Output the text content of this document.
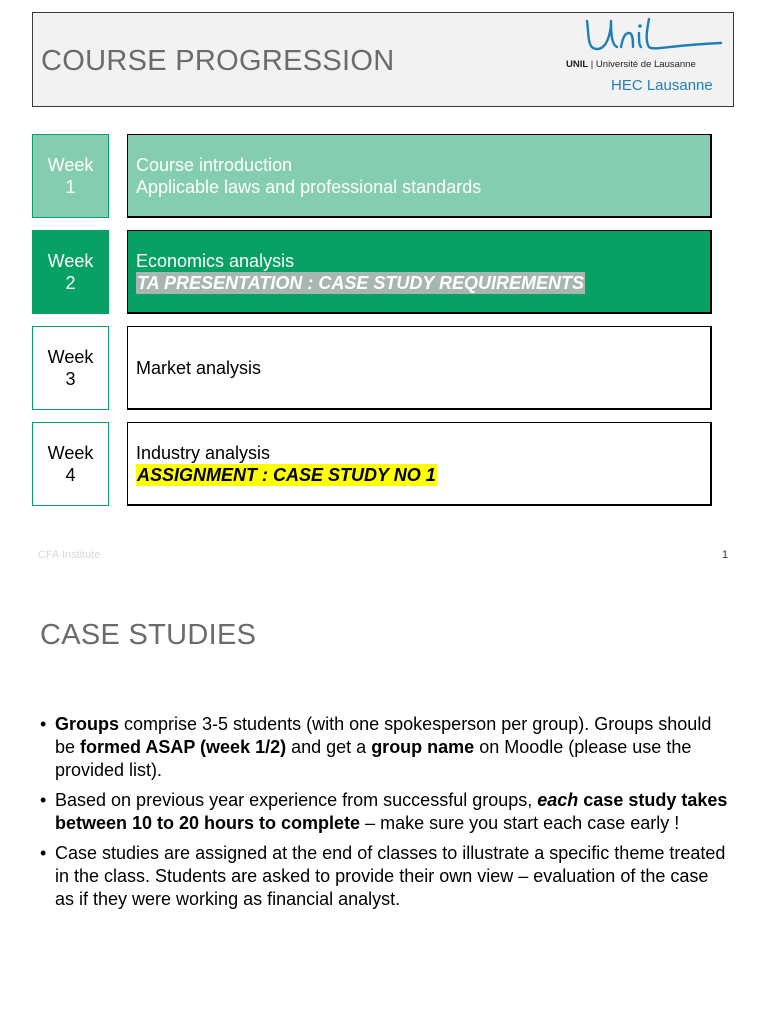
COURSE PROGRESSION	UNIL | Université de Lausanne
HEC Lausanne
Week
1
Course introduction
Applicable laws and professional standards
Week
2
Economics analysis
TA PRESENTATION : CASE STUDY REQUIREMENTS
Week
3
Market analysis
Week
4
Industry analysis
ASSIGNMENT : CASE STUDY NO 1
CFA Institute	1
CASE STUDIES
• Groups comprise 3-5 students (with one spokesperson per group). Groups should be formed ASAP (week 1/2) and get a group name on Moodle (please use the provided list).
• Based on previous year experience from successful groups, each case study takes between 10 to 20 hours to complete – make sure you start each case early !
• Case studies are assigned at the end of classes to illustrate a specific theme treated in the class. Students are asked to provide their own view – evaluation of the case as if they were working as financial analyst.
